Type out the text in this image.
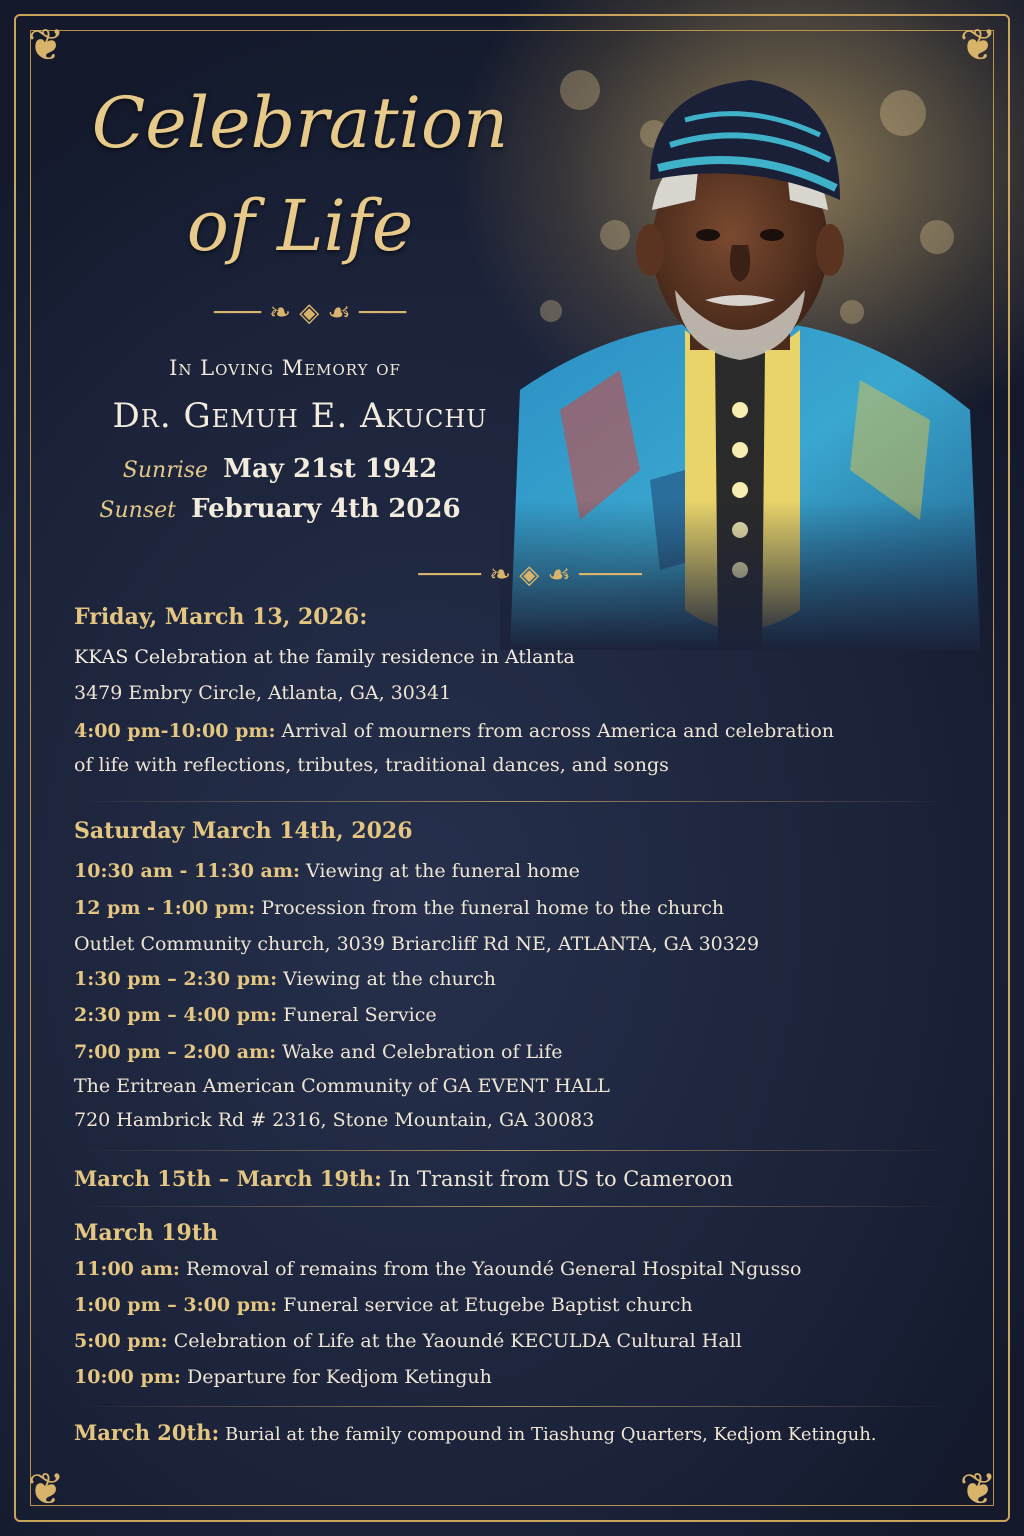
❦	❦
❦	❦
Celebration
of Life
─── ❧ ◈ ☙ ───
In Loving Memory of
Dr. Gemuh E. Akuchu
Sunrise May 21st 1942
Sunset February 4th 2026
──── ❧ ◈ ☙ ────
Friday, March 13, 2026:
KKAS Celebration at the family residence in Atlanta
3479 Embry Circle, Atlanta, GA, 30341
4:00 pm-10:00 pm: Arrival of mourners from across America and celebration
of life with reflections, tributes, traditional dances, and songs
Saturday March 14th, 2026
10:30 am - 11:30 am: Viewing at the funeral home
12 pm - 1:00 pm: Procession from the funeral home to the church
Outlet Community church, 3039 Briarcliff Rd NE, ATLANTA, GA 30329
1:30 pm – 2:30 pm: Viewing at the church
2:30 pm – 4:00 pm: Funeral Service
7:00 pm – 2:00 am: Wake and Celebration of Life
The Eritrean American Community of GA EVENT HALL
720 Hambrick Rd # 2316, Stone Mountain, GA 30083
March 15th – March 19th: In Transit from US to Cameroon
March 19th
11:00 am: Removal of remains from the Yaoundé General Hospital Ngusso
1:00 pm – 3:00 pm: Funeral service at Etugebe Baptist church
5:00 pm: Celebration of Life at the Yaoundé KECULDA Cultural Hall
10:00 pm: Departure for Kedjom Ketinguh
March 20th: Burial at the family compound in Tiashung Quarters, Kedjom Ketinguh.
